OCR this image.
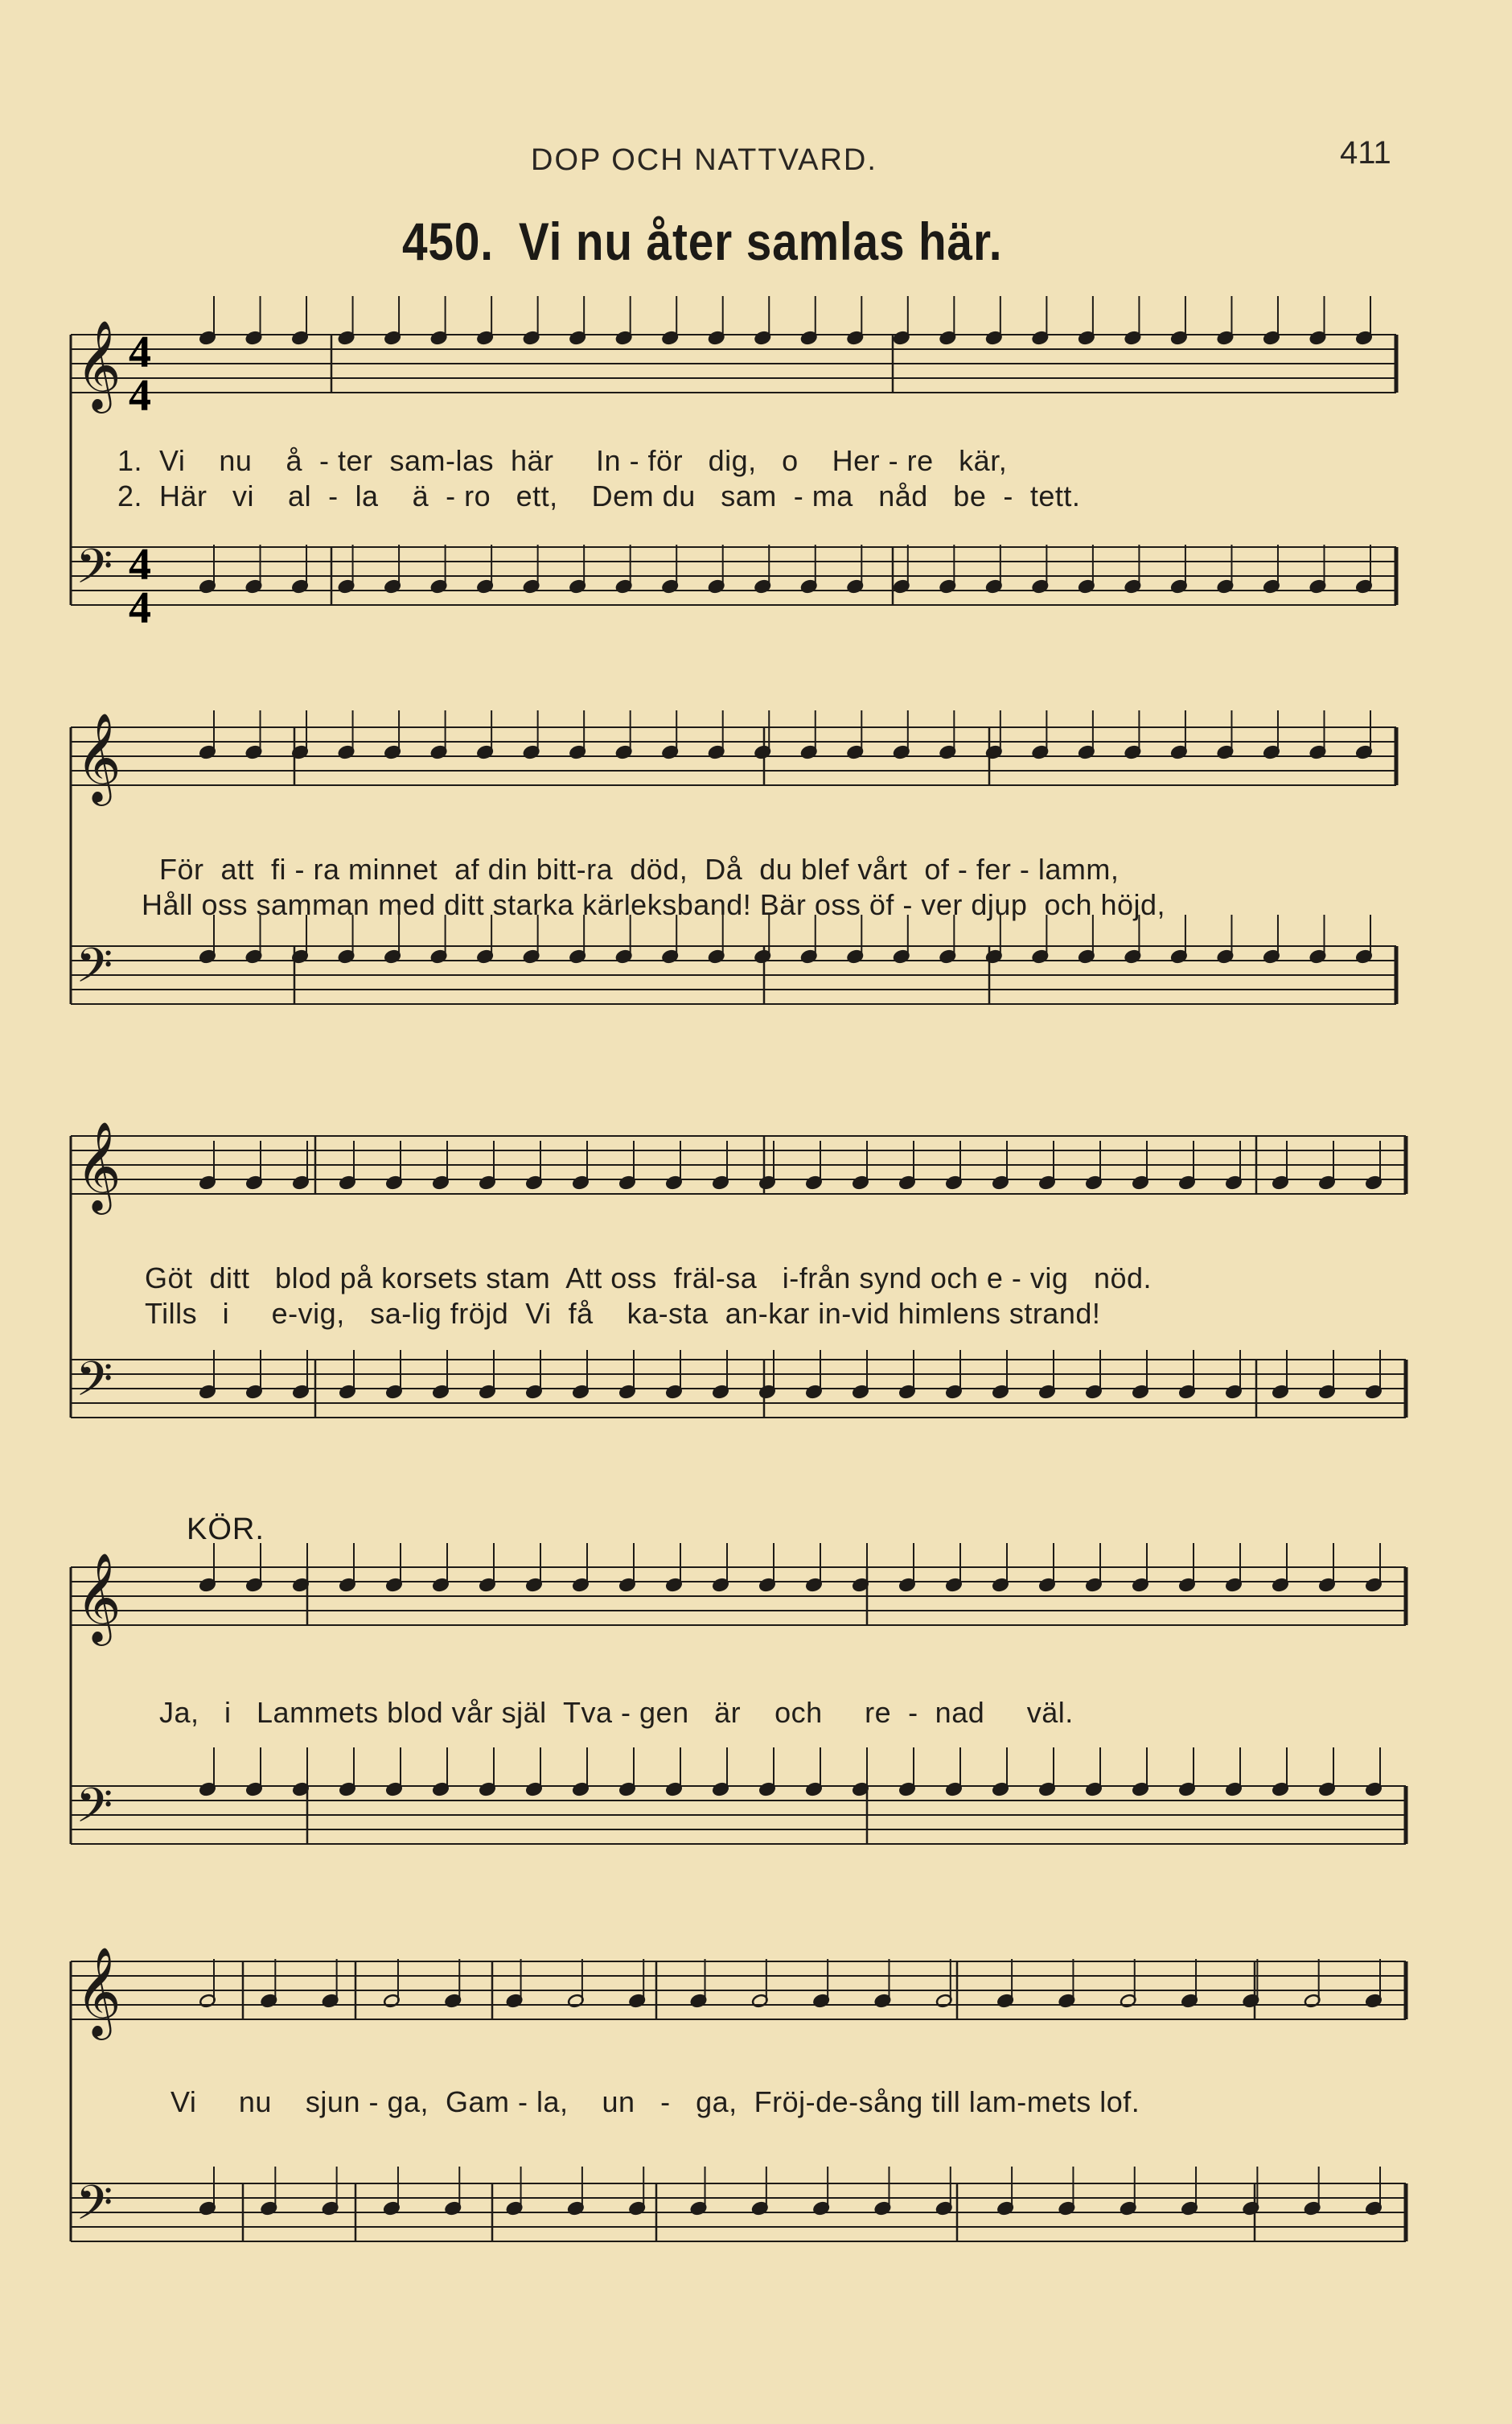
DOP OCH NATTVARD.	411
450. Vi nu åter samlas här.
𝄞
𝄢
𝄞
𝄢
𝄞
𝄢
𝄞
𝄢
𝄞
𝄢
4
4
4
4
1.  Vi    nu    å  - ter  sam-las  här     In - för   dig,   o    Her - re   kär,
2.  Här   vi    al  -  la    ä  - ro   ett,    Dem du   sam  - ma   nåd   be  -  tett.
För  att  fi - ra minnet  af din bitt-ra  död,  Då  du blef vårt  of - fer - lamm,
Håll oss samman med ditt starka kärleksband! Bär oss öf - ver djup  och höjd,
Göt  ditt   blod på korsets stam  Att oss  fräl-sa   i-från synd och e - vig   nöd.
Tills   i     e-vig,   sa-lig fröjd  Vi  få    ka-sta  an-kar in-vid himlens strand!
KÖR.
Ja,   i   Lammets blod vår själ  Tva - gen   är    och     re  -  nad     väl.
Vi     nu    sjun - ga,  Gam - la,    un   -   ga,  Fröj-de-sång till lam-mets lof.
